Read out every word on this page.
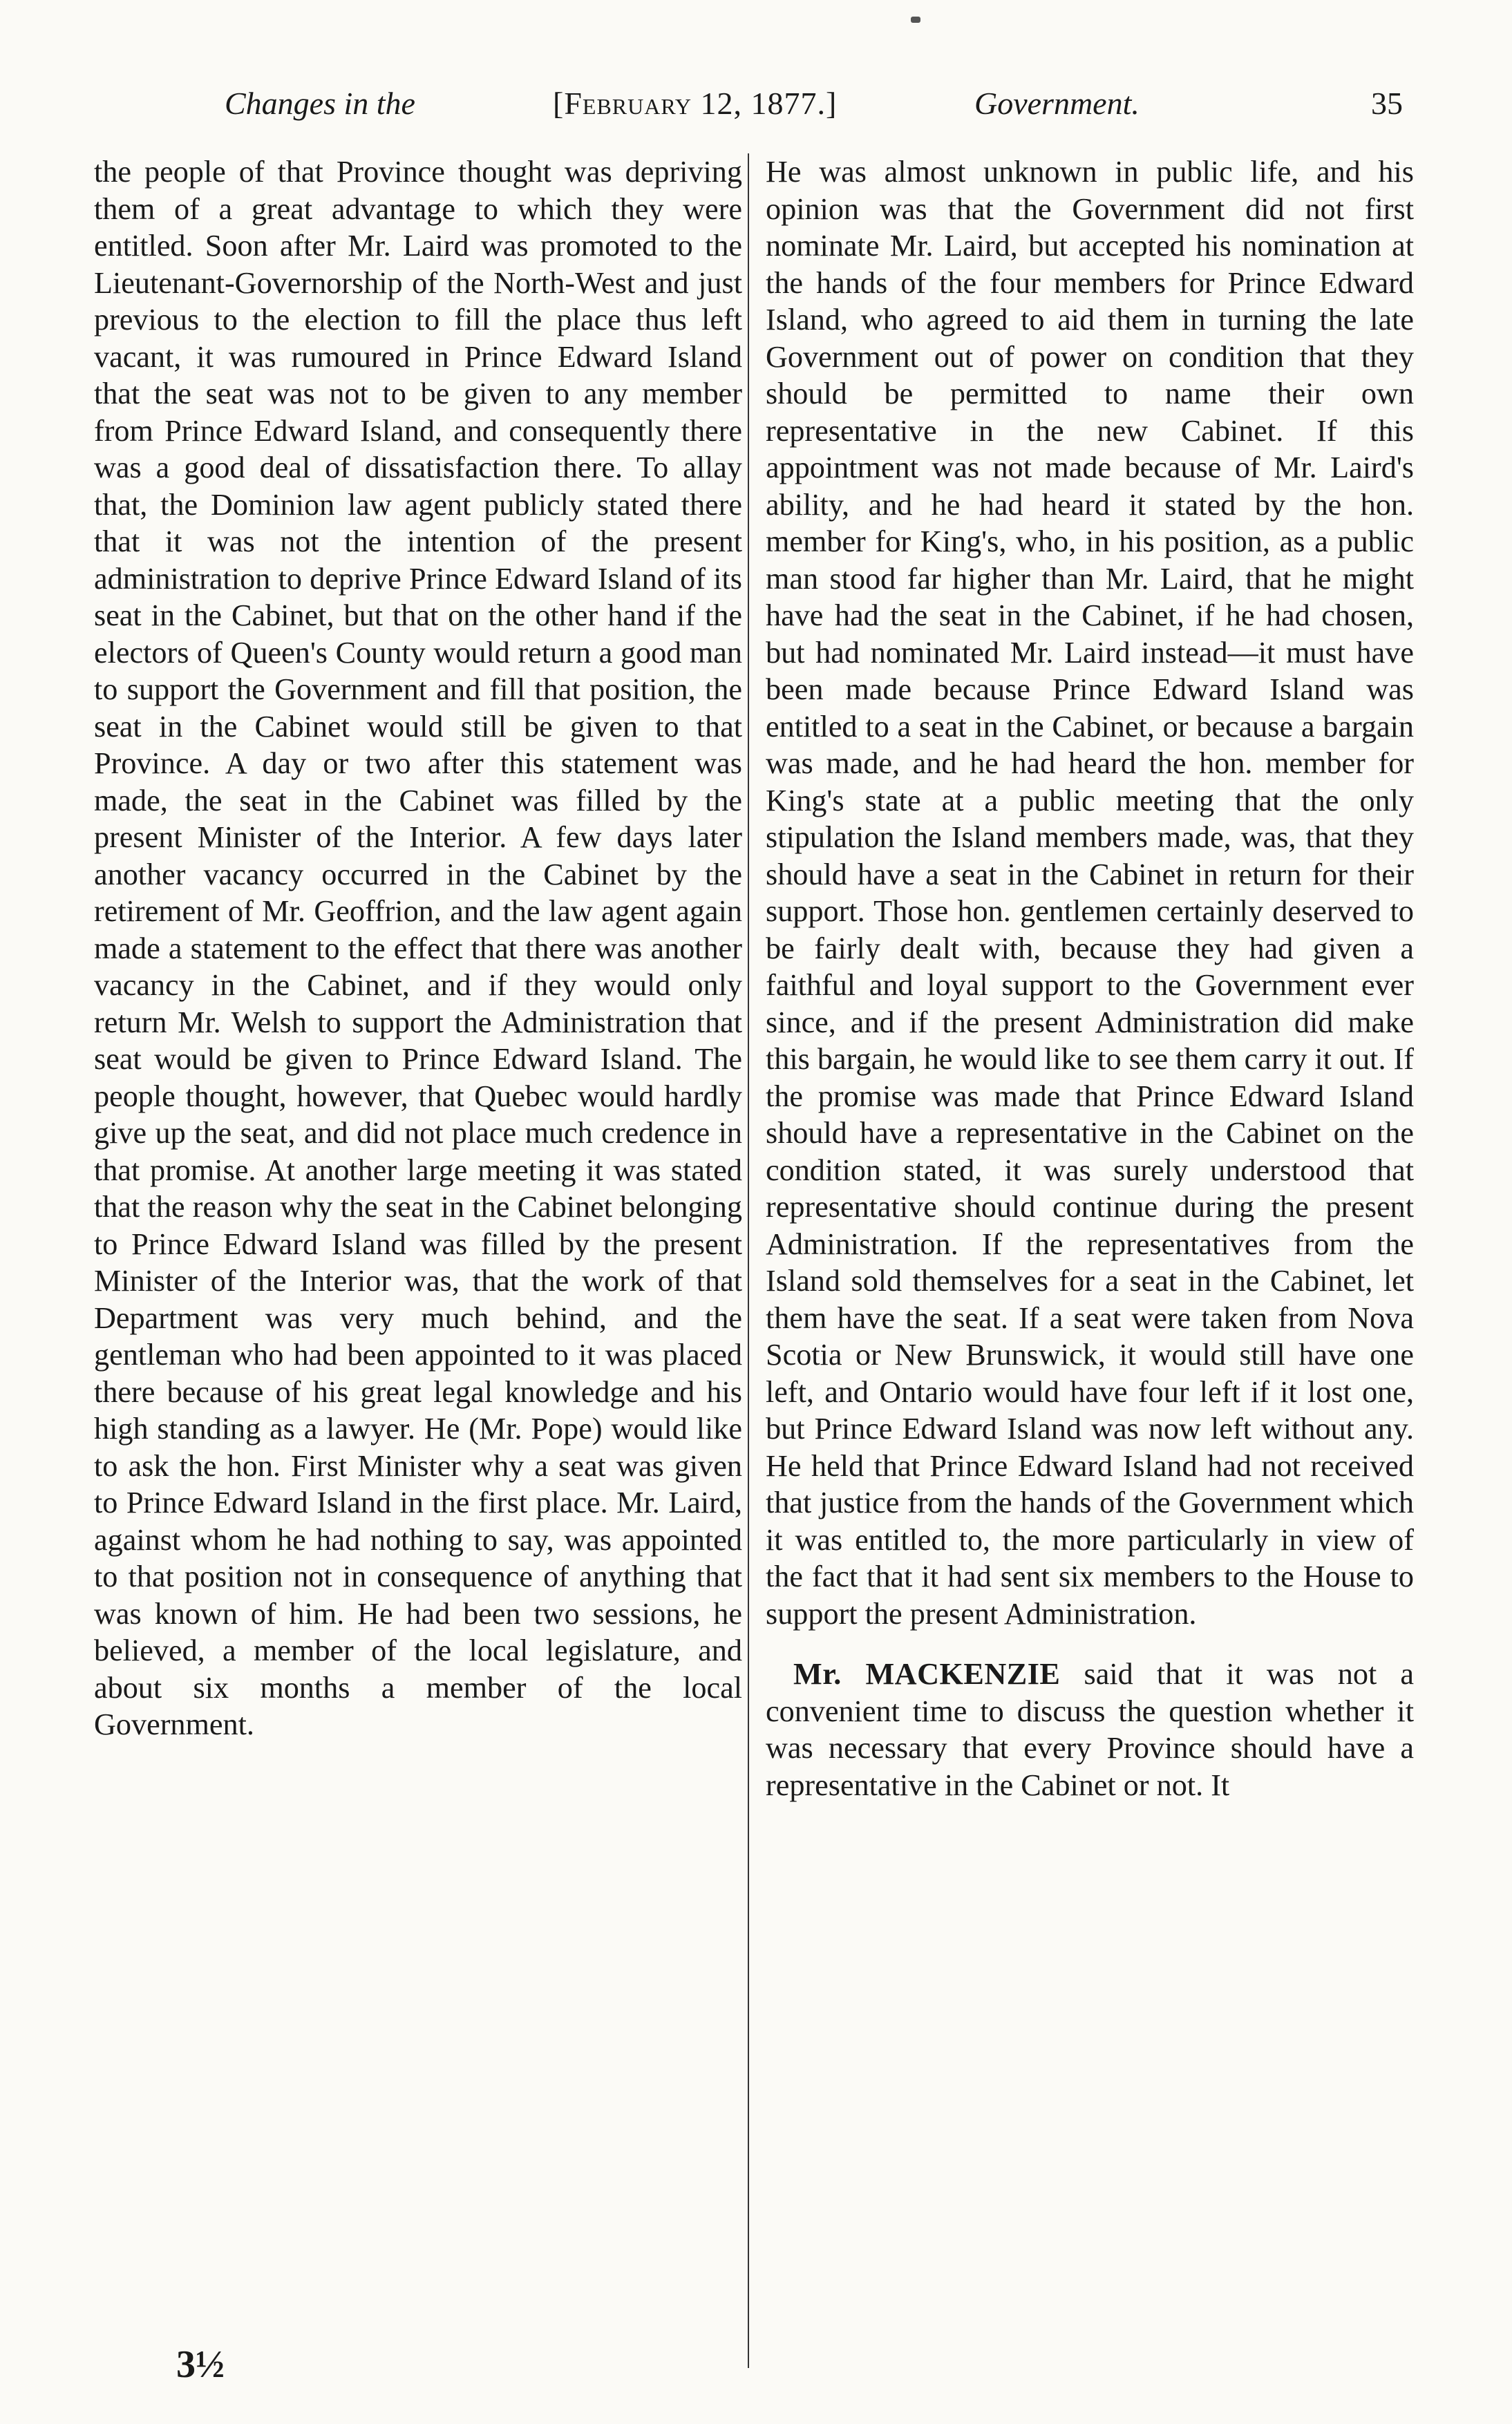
Changes in the	[February 12, 1877.]	Government.	35

the people of that Province thought was depriving them of a great advantage to which they were entitled. Soon after Mr. Laird was promoted to the Lieutenant-Governorship of the North-West and just previous to the election to fill the place thus left vacant, it was rumoured in Prince Edward Island that the seat was not to be given to any member from Prince Edward Island, and consequently there was a good deal of dissatisfaction there. To allay that, the Dominion law agent publicly stated there that it was not the intention of the present administration to deprive Prince Edward Island of its seat in the Cabinet, but that on the other hand if the electors of Queen's County would return a good man to support the Government and fill that position, the seat in the Cabinet would still be given to that Province. A day or two after this statement was made, the seat in the Cabinet was filled by the present Minister of the Interior. A few days later another vacancy occurred in the Cabinet by the retirement of Mr. Geoffrion, and the law agent again made a statement to the effect that there was another vacancy in the Cabinet, and if they would only return Mr. Welsh to support the Administration that seat would be given to Prince Edward Island. The people thought, however, that Quebec would hardly give up the seat, and did not place much credence in that promise. At another large meeting it was stated that the reason why the seat in the Cabinet belonging to Prince Edward Island was filled by the present Minister of the Interior was, that the work of that Department was very much behind, and the gentleman who had been appointed to it was placed there because of his great legal knowledge and his high standing as a lawyer. He (Mr. Pope) would like to ask the hon. First Minister why a seat was given to Prince Edward Island in the first place. Mr. Laird, against whom he had nothing to say, was appointed to that position not in consequence of anything that was known of him. He had been two sessions, he believed, a member of the local legislature, and about six months a member of the local Government.

He was almost unknown in public life, and his opinion was that the Government did not first nominate Mr. Laird, but accepted his nomination at the hands of the four members for Prince Edward Island, who agreed to aid them in turning the late Government out of power on condition that they should be permitted to name their own representative in the new Cabinet. If this appointment was not made because of Mr. Laird's ability, and he had heard it stated by the hon. member for King's, who, in his position, as a public man stood far higher than Mr. Laird, that he might have had the seat in the Cabinet, if he had chosen, but had nominated Mr. Laird instead—it must have been made because Prince Edward Island was entitled to a seat in the Cabinet, or because a bargain was made, and he had heard the hon. member for King's state at a public meeting that the only stipulation the Island members made, was, that they should have a seat in the Cabinet in return for their support. Those hon. gentlemen certainly deserved to be fairly dealt with, because they had given a faithful and loyal support to the Government ever since, and if the present Administration did make this bargain, he would like to see them carry it out. If the promise was made that Prince Edward Island should have a representative in the Cabinet on the condition stated, it was surely understood that representative should continue during the present Administration. If the representatives from the Island sold themselves for a seat in the Cabinet, let them have the seat. If a seat were taken from Nova Scotia or New Brunswick, it would still have one left, and Ontario would have four left if it lost one, but Prince Edward Island was now left without any. He held that Prince Edward Island had not received that justice from the hands of the Government which it was entitled to, the more particularly in view of the fact that it had sent six members to the House to support the present Administration.

Mr. MACKENZIE said that it was not a convenient time to discuss the question whether it was necessary that every Province should have a representative in the Cabinet or not. It

3½
